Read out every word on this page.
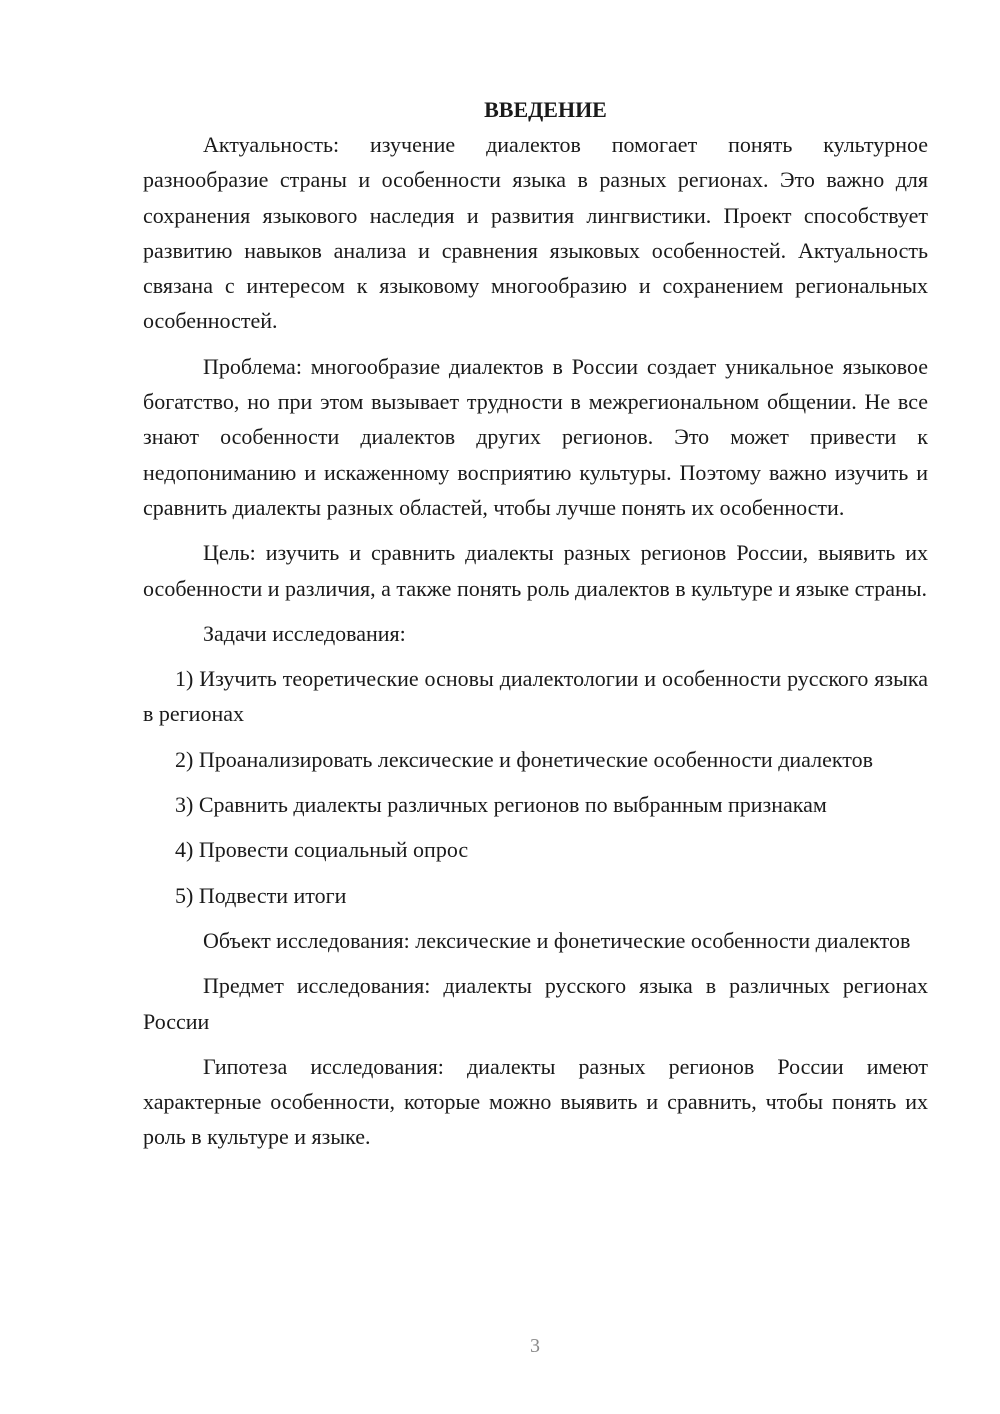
ВВЕДЕНИЕ

Актуальность: изучение диалектов помогает понять культурное разнообразие страны и особенности языка в разных регионах. Это важно для сохранения языкового наследия и развития лингвистики. Проект способствует развитию навыков анализа и сравнения языковых особенностей. Актуальность связана с интересом к языковому многообразию и сохранением региональных особенностей.

Проблема: многообразие диалектов в России создает уникальное языковое богатство, но при этом вызывает трудности в межрегиональном общении. Не все знают особенности диалектов других регионов. Это может привести к недопониманию и искаженному восприятию культуры. Поэтому важно изучить и сравнить диалекты разных областей, чтобы лучше понять их особенности.

Цель: изучить и сравнить диалекты разных регионов России, выявить их особенности и различия, а также понять роль диалектов в культуре и языке страны.

Задачи исследования:

1) Изучить теоретические основы диалектологии и особенности русского языка в регионах

2) Проанализировать лексические и фонетические особенности диалектов

3) Сравнить диалекты различных регионов по выбранным признакам

4) Провести социальный опрос

5) Подвести итоги

Объект исследования: лексические и фонетические особенности диалектов

Предмет исследования: диалекты русского языка в различных регионах России

Гипотеза исследования: диалекты разных регионов России имеют характерные особенности, которые можно выявить и сравнить, чтобы понять их роль в культуре и языке.

3
